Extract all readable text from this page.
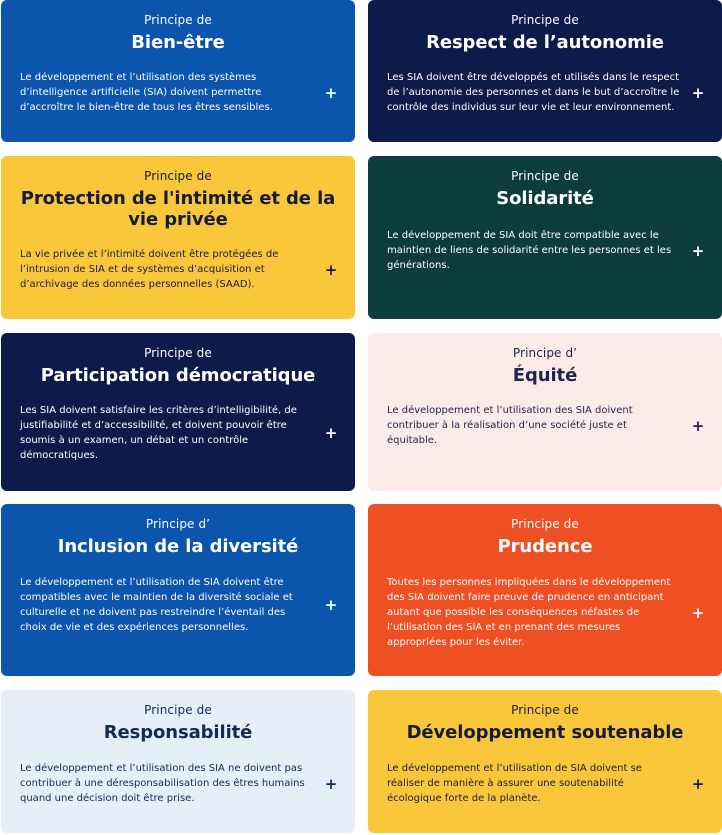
Principe de
Bien-être
Le développement et l’utilisation des systèmes d’intelligence artificielle (SIA) doivent permettre d’accroître le bien-être de tous les êtres sensibles.
+
Principe de
Respect de l’autonomie
Les SIA doivent être développés et utilisés dans le respect de l’autonomie des personnes et dans le but d’accroître le contrôle des individus sur leur vie et leur environnement.
+
Principe de
Protection de l'intimité et de la vie privée
La vie privée et l’intimité doivent être protégées de l’intrusion de SIA et de systèmes d’acquisition et d’archivage des données personnelles (SAAD).
+
Principe de
Solidarité
Le développement de SIA doit être compatible avec le maintien de liens de solidarité entre les personnes et les générations.
+
Principe de
Participation démocratique
Les SIA doivent satisfaire les critères d’intelligibilité, de justifiabilité et d’accessibilité, et doivent pouvoir être soumis à un examen, un débat et un contrôle démocratiques.
+
Principe d’
Équité
Le développement et l’utilisation des SIA doivent contribuer à la réalisation d’une société juste et équitable.
+
Principe d’
Inclusion de la diversité
Le développement et l’utilisation de SIA doivent être compatibles avec le maintien de la diversité sociale et culturelle et ne doivent pas restreindre l’éventail des choix de vie et des expériences personnelles.
+
Principe de
Prudence
Toutes les personnes impliquées dans le développement des SIA doivent faire preuve de prudence en anticipant autant que possible les conséquences néfastes de l’utilisation des SIA et en prenant des mesures appropriées pour les éviter.
+
Principe de
Responsabilité
Le développement et l’utilisation des SIA ne doivent pas contribuer à une déresponsabilisation des êtres humains quand une décision doit être prise.
+
Principe de
Développement soutenable
Le développement et l’utilisation de SIA doivent se réaliser de manière à assurer une soutenabilité écologique forte de la planète.
+
